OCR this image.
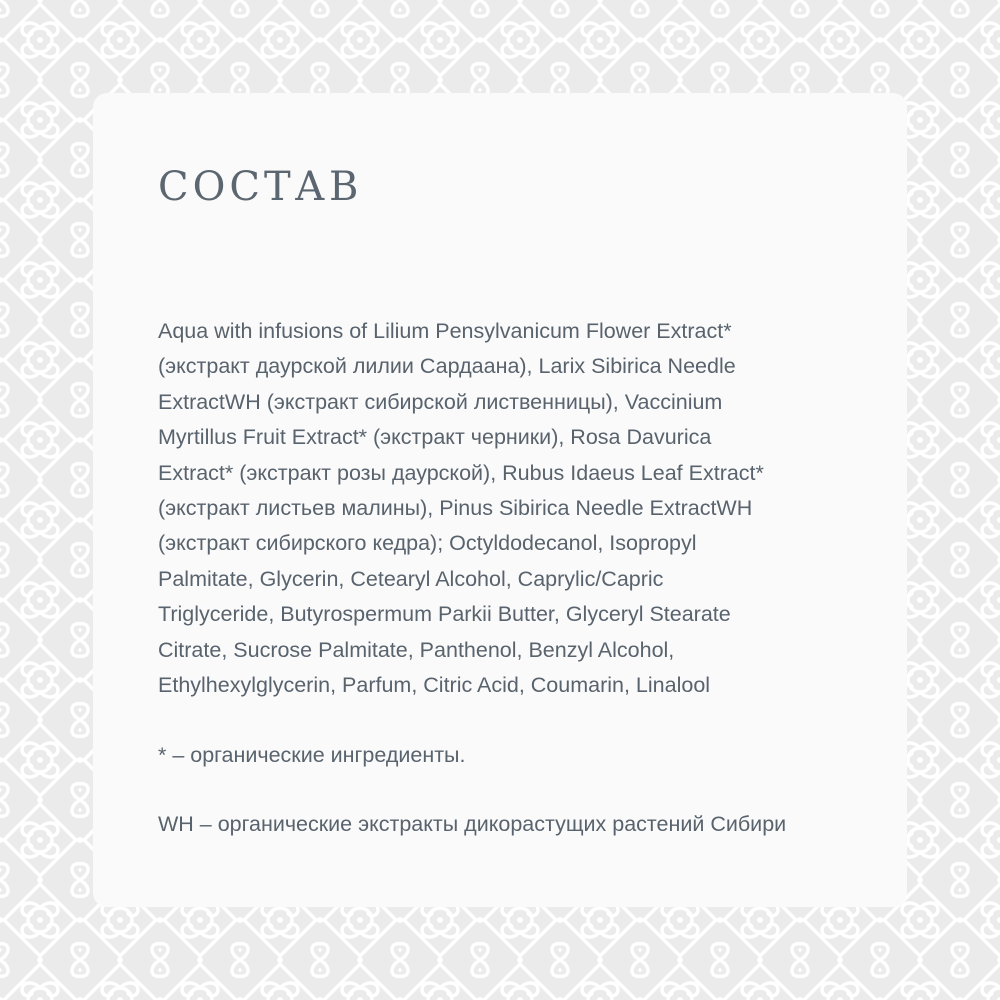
СОСТАВ
Aqua with infusions of Lilium Pensylvanicum Flower Extract*
(экстракт даурской лилии Сардаана), Larix Sibirica Needle
ExtractWH (экстракт сибирской лиственницы), Vaccinium
Myrtillus Fruit Extract* (экстракт черники), Rosa Davurica
Extract* (экстракт розы даурской), Rubus Idaeus Leaf Extract*
(экстракт листьев малины), Pinus Sibirica Needle ExtractWH
(экстракт сибирского кедра); Octyldodecanol, Isopropyl
Palmitate, Glycerin, Cetearyl Alcohol, Caprylic/Capric
Triglyceride, Butyrospermum Parkii Butter, Glyceryl Stearate
Citrate, Sucrose Palmitate, Panthenol, Benzyl Alcohol,
Ethylhexylglycerin, Parfum, Citric Acid, Coumarin, Linalool

* – органические ингредиенты.

WH – органические экстракты дикорастущих растений Сибири
